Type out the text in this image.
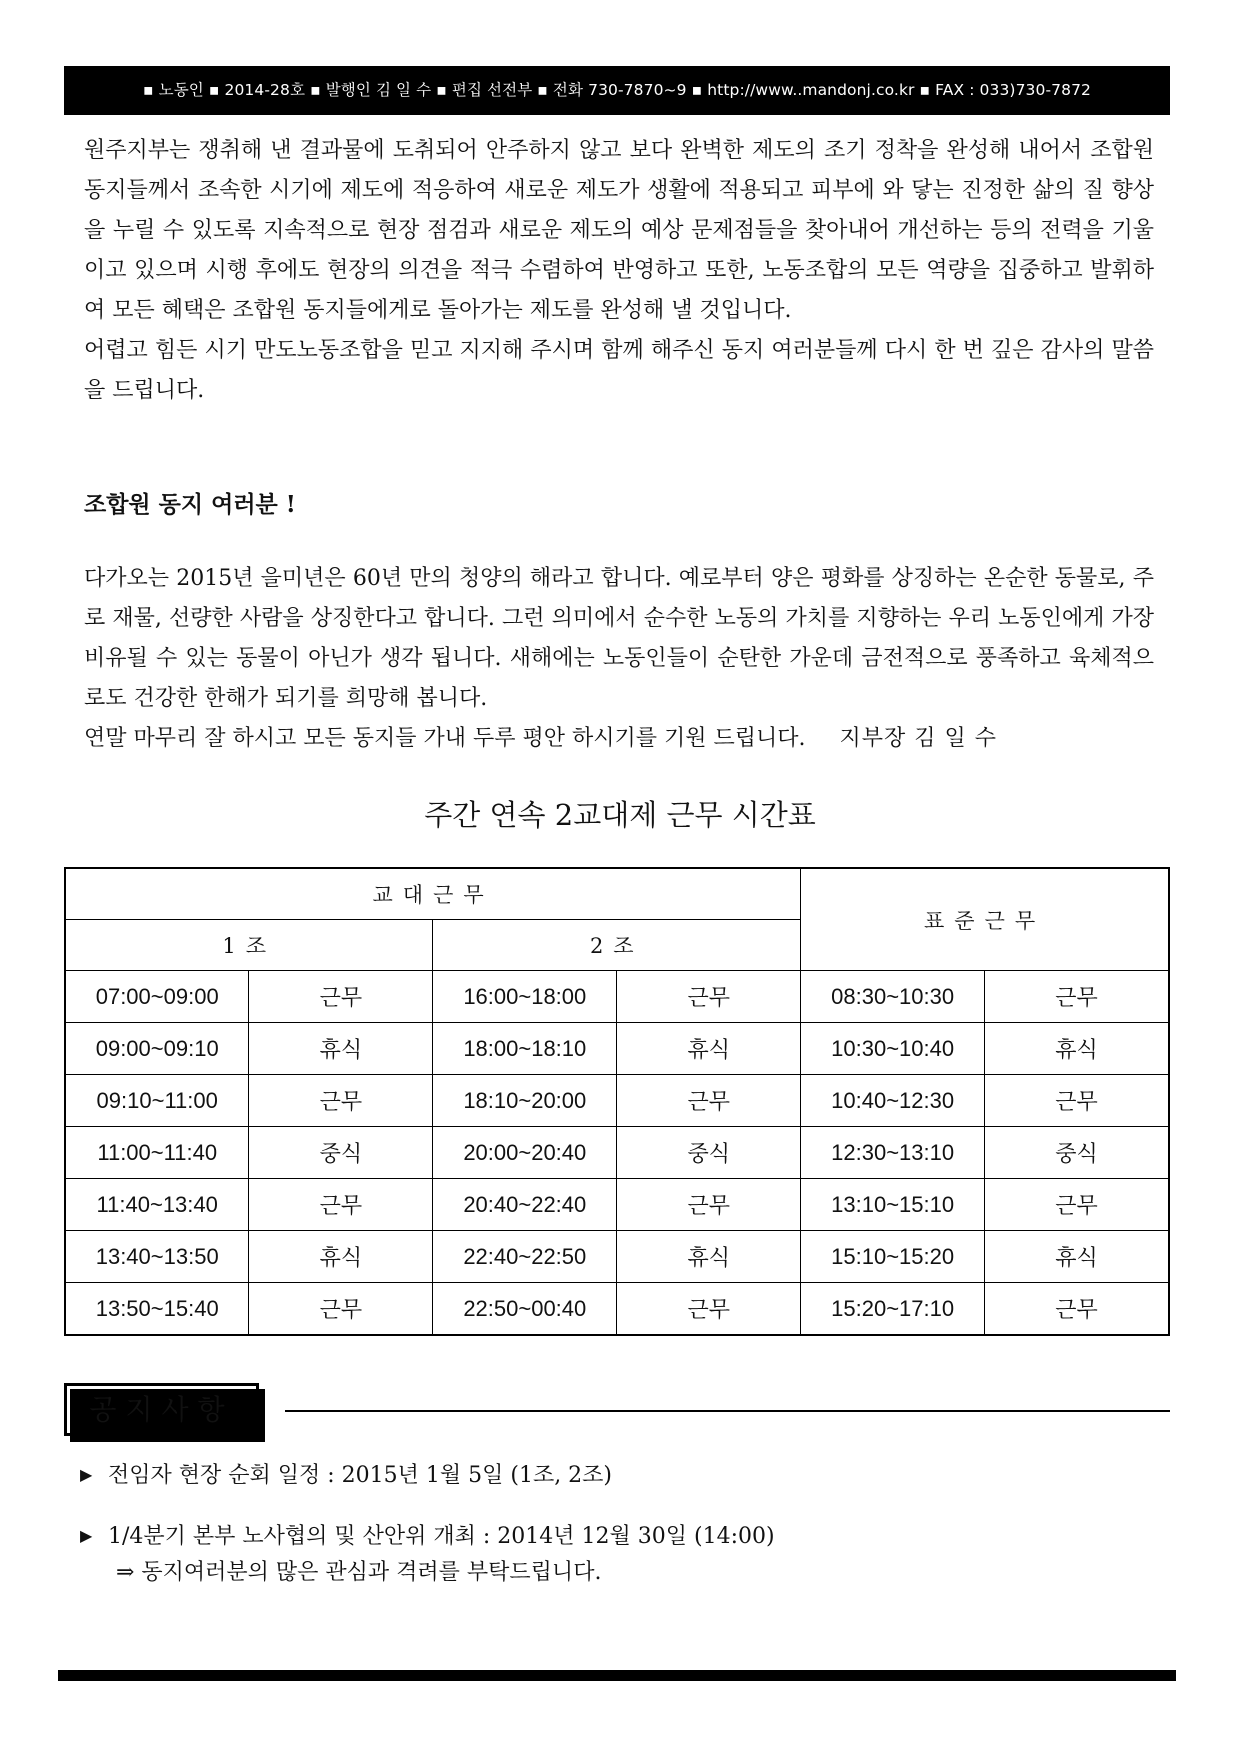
▪ 노동인 ▪ 2014-28호 ▪ 발행인 김 일 수 ▪ 편집 선전부 ▪ 전화 730-7870~9 ▪ http://www..mandonj.co.kr ▪ FAX : 033)730-7872

원주지부는 쟁취해 낸 결과물에 도취되어 안주하지 않고 보다 완벽한 제도의 조기 정착을 완성해 내어서 조합원 동지들께서 조속한 시기에 제도에 적응하여 새로운 제도가 생활에 적용되고 피부에 와 닿는 진정한 삶의 질 향상을 누릴 수 있도록 지속적으로 현장 점검과 새로운 제도의 예상 문제점들을 찾아내어 개선하는 등의 전력을 기울이고 있으며 시행 후에도 현장의 의견을 적극 수렴하여 반영하고 또한, 노동조합의 모든 역량을 집중하고 발휘하여 모든 혜택은 조합원 동지들에게로 돌아가는 제도를 완성해 낼 것입니다.

어렵고 힘든 시기 만도노동조합을 믿고 지지해 주시며 함께 해주신 동지 여러분들께 다시 한 번 깊은 감사의 말씀을 드립니다.

조합원 동지 여러분 !

다가오는 2015년 을미년은 60년 만의 청양의 해라고 합니다. 예로부터 양은 평화를 상징하는 온순한 동물로, 주로 재물, 선량한 사람을 상징한다고 합니다. 그런 의미에서 순수한 노동의 가치를 지향하는 우리 노동인에게 가장 비유될 수 있는 동물이 아닌가 생각 됩니다. 새해에는 노동인들이 순탄한 가운데 금전적으로 풍족하고 육체적으로도 건강한 한해가 되기를 희망해 봅니다.

연말 마무리 잘 하시고 모든 동지들 가내 두루 평안 하시기를 기원 드립니다. 지부장 김 일 수

주간 연속 2교대제 근무 시간표
교대근무				표준근무	
1조		2조			
07:00~09:00	근무	16:00~18:00	근무	08:30~10:30	근무
09:00~09:10	휴식	18:00~18:10	휴식	10:30~10:40	휴식
09:10~11:00	근무	18:10~20:00	근무	10:40~12:30	근무
11:00~11:40	중식	20:00~20:40	중식	12:30~13:10	중식
11:40~13:40	근무	20:40~22:40	근무	13:10~15:10	근무
13:40~13:50	휴식	22:40~22:50	휴식	15:10~15:20	휴식
13:50~15:40	근무	22:50~00:40	근무	15:20~17:10	근무
공지사항
▶ 전임자 현장 순회 일정 : 2015년 1월 5일 (1조, 2조)
▶ 1/4분기 본부 노사협의 및 산안위 개최 : 2014년 12월 30일 (14:00)
⇒ 동지여러분의 많은 관심과 격려를 부탁드립니다.
